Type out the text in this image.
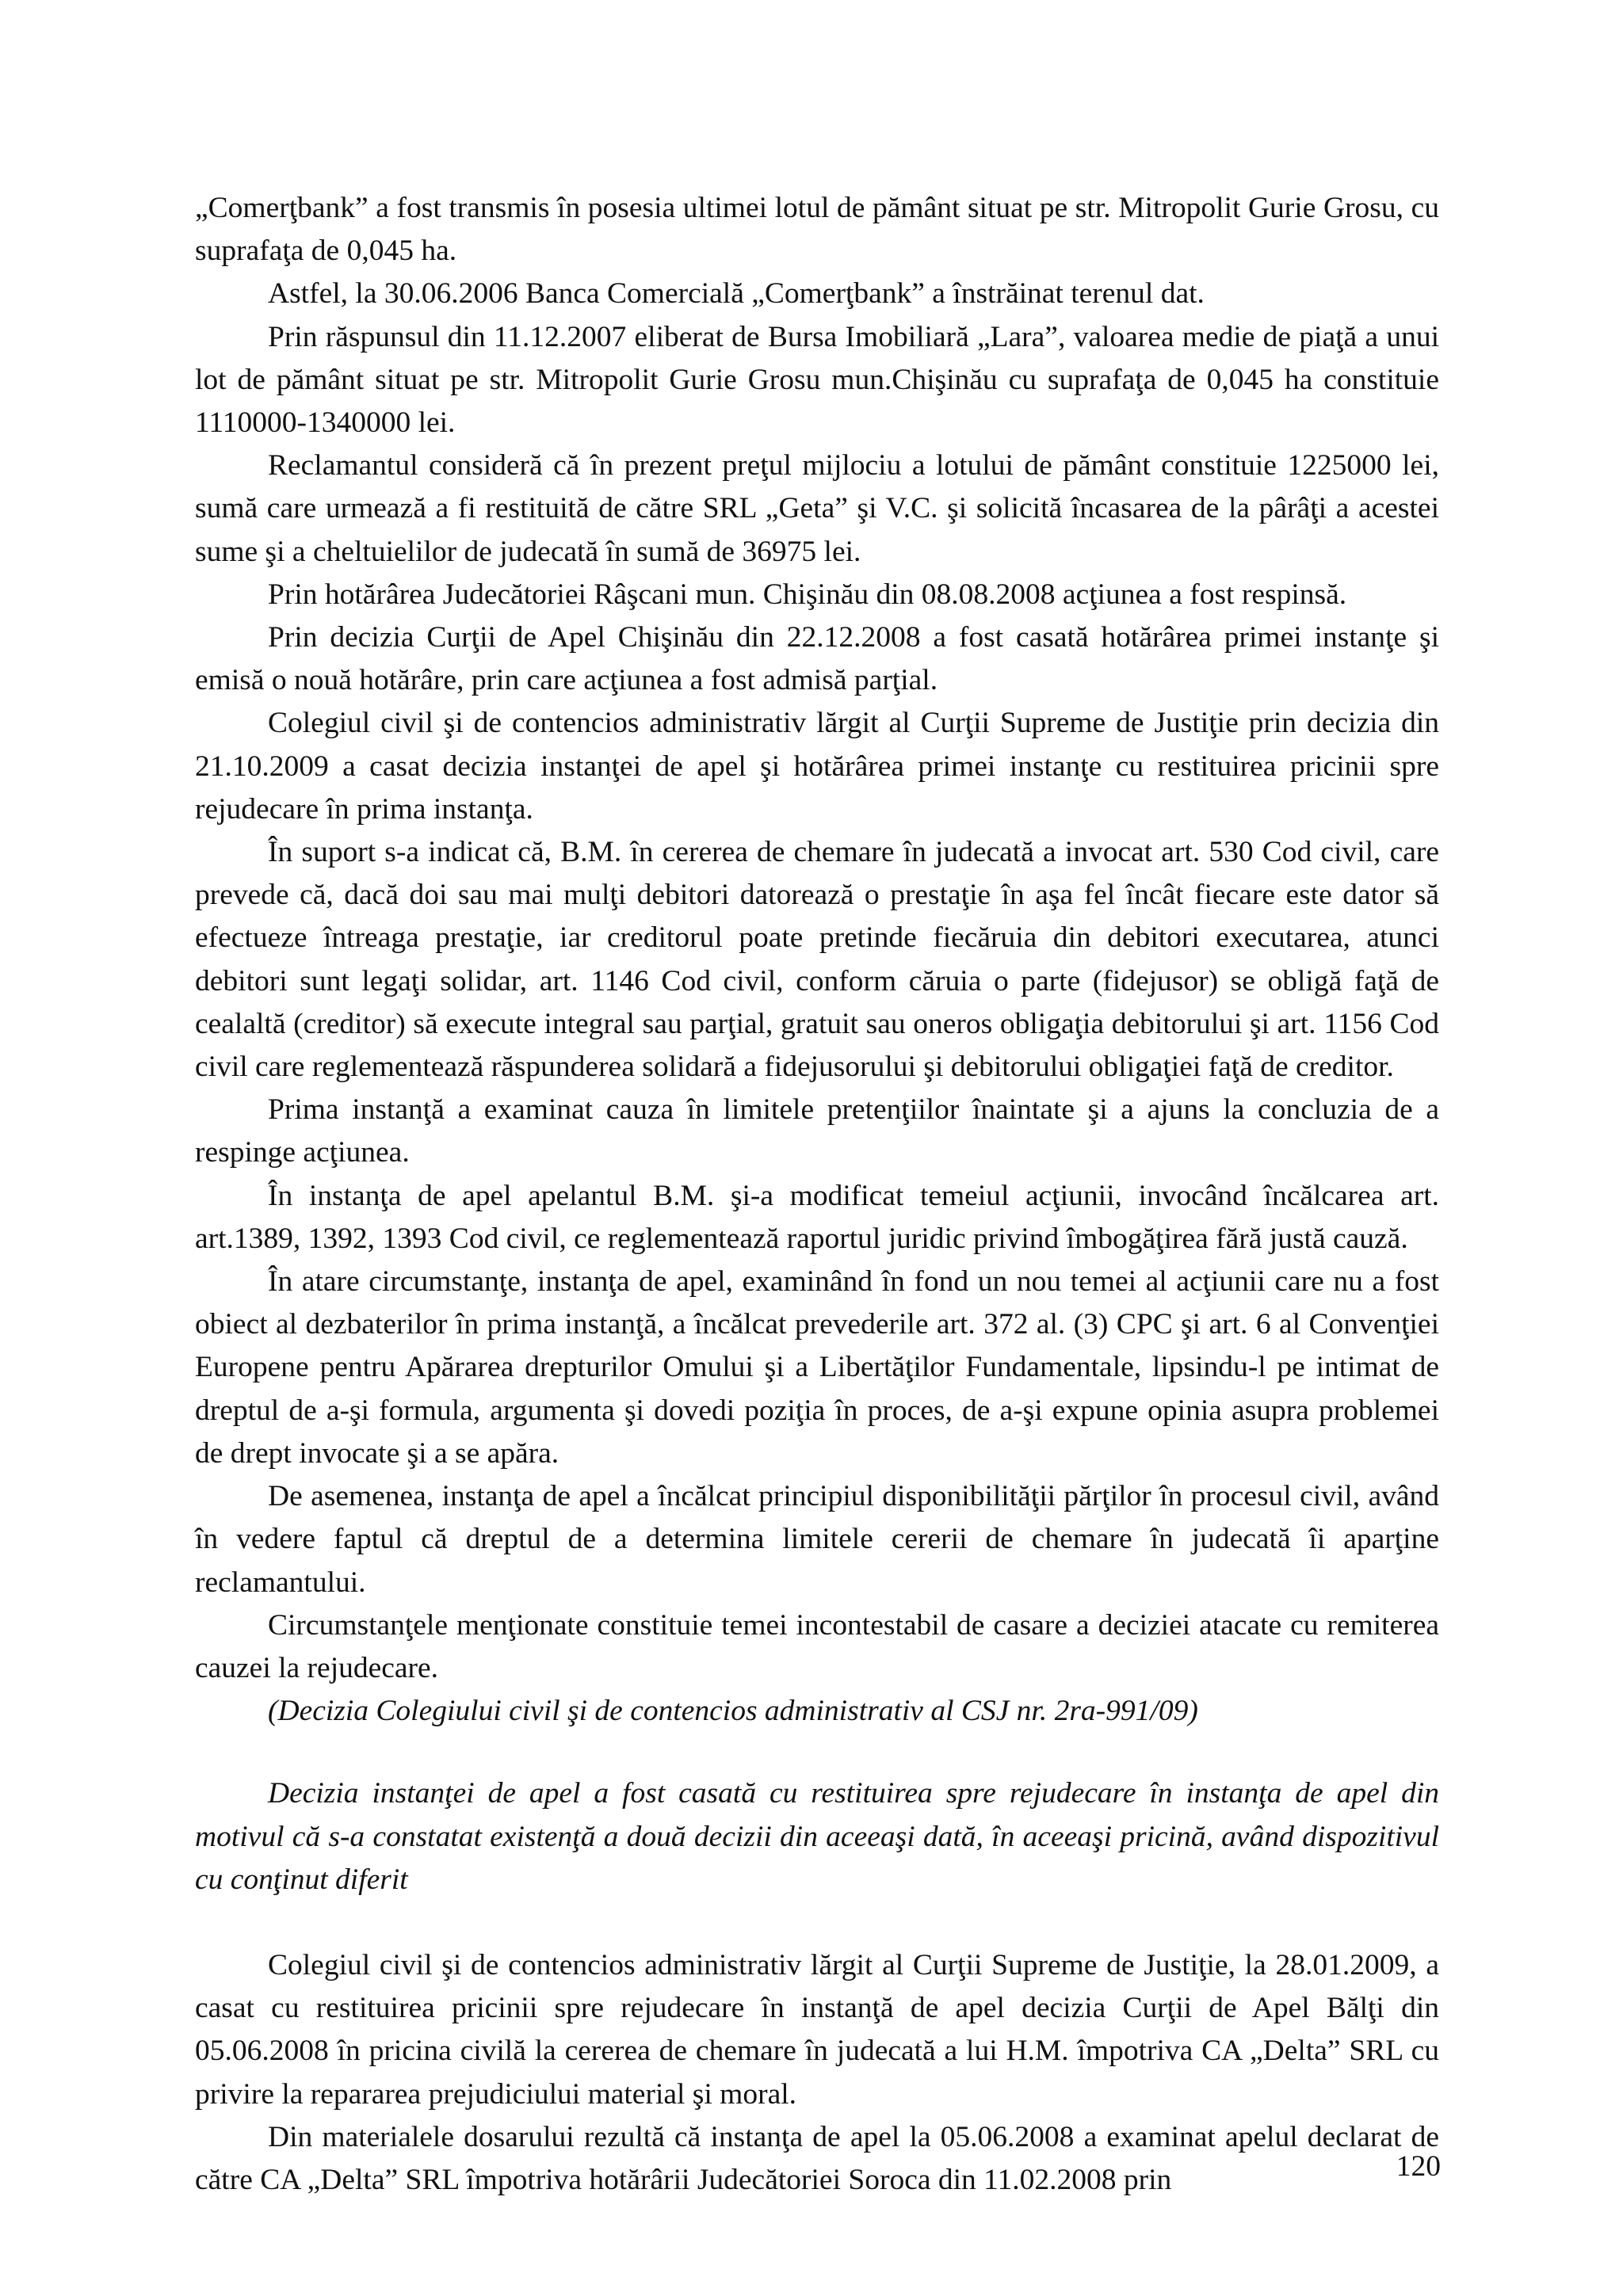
„Comerţbank” a fost transmis în posesia ultimei lotul de pământ situat pe str. Mitropolit Gurie Grosu, cu suprafaţa de 0,045 ha.

Astfel, la 30.06.2006 Banca Comercială „Comerţbank” a înstrăinat terenul dat.

Prin răspunsul din 11.12.2007 eliberat de Bursa Imobiliară „Lara”, valoarea medie de piaţă a unui lot de pământ situat pe str. Mitropolit Gurie Grosu mun.Chişinău cu suprafaţa de 0,045 ha constituie 1110000-1340000 lei.

Reclamantul consideră că în prezent preţul mijlociu a lotului de pământ constituie 1225000 lei, sumă care urmează a fi restituită de către SRL „Geta” şi V.C. şi solicită încasarea de la pârâţi a acestei sume şi a cheltuielilor de judecată în sumă de 36975 lei.

Prin hotărârea Judecătoriei Râşcani mun. Chişinău din 08.08.2008 acţiunea a fost respinsă.

Prin decizia Curţii de Apel Chişinău din 22.12.2008 a fost casată hotărârea primei instanţe şi emisă o nouă hotărâre, prin care acţiunea a fost admisă parţial.

Colegiul civil şi de contencios administrativ lărgit al Curţii Supreme de Justiţie prin decizia din 21.10.2009 a casat decizia instanţei de apel şi hotărârea primei instanţe cu restituirea pricinii spre rejudecare în prima instanţa.

În suport s-a indicat că, B.M. în cererea de chemare în judecată a invocat art. 530 Cod civil, care prevede că, dacă doi sau mai mulţi debitori datorează o prestaţie în aşa fel încât fiecare este dator să efectueze întreaga prestaţie, iar creditorul poate pretinde fiecăruia din debitori executarea, atunci debitori sunt legaţi solidar, art. 1146 Cod civil, conform căruia o parte (fidejusor) se obligă faţă de cealaltă (creditor) să execute integral sau parţial, gratuit sau oneros obligaţia debitorului şi art. 1156 Cod civil care reglementează răspunderea solidară a fidejusorului şi debitorului obligaţiei faţă de creditor.

Prima instanţă a examinat cauza în limitele pretenţiilor înaintate şi a ajuns la concluzia de a respinge acţiunea.

În instanţa de apel apelantul B.M. şi-a modificat temeiul acţiunii, invocând încălcarea art. art.1389, 1392, 1393 Cod civil, ce reglementează raportul juridic privind îmbogăţirea fără justă cauză.

În atare circumstanţe, instanţa de apel, examinând în fond un nou temei al acţiunii care nu a fost obiect al dezbaterilor în prima instanţă, a încălcat prevederile art. 372 al. (3) CPC şi art. 6 al Convenţiei Europene pentru Apărarea drepturilor Omului şi a Libertăţilor Fundamentale, lipsindu-l pe intimat de dreptul de a-şi formula, argumenta şi dovedi poziţia în proces, de a-şi expune opinia asupra problemei de drept invocate şi a se apăra.

De asemenea, instanţa de apel a încălcat principiul disponibilităţii părţilor în procesul civil, având în vedere faptul că dreptul de a determina limitele cererii de chemare în judecată îi aparţine reclamantului.

Circumstanţele menţionate constituie temei incontestabil de casare a deciziei atacate cu remiterea cauzei la rejudecare.

(Decizia Colegiului civil şi de contencios administrativ al CSJ nr. 2ra-991/09)

Decizia instanţei de apel a fost casată cu restituirea spre rejudecare în instanţa de apel din motivul că s-a constatat existenţă a două decizii din aceeaşi dată, în aceeaşi pricină, având dispozitivul cu conţinut diferit

Colegiul civil şi de contencios administrativ lărgit al Curţii Supreme de Justiţie, la 28.01.2009, a casat cu restituirea pricinii spre rejudecare în instanţă de apel decizia Curţii de Apel Bălţi din 05.06.2008 în pricina civilă la cererea de chemare în judecată a lui H.M. împotriva CA „Delta” SRL cu privire la repararea prejudiciului material şi moral.

Din materialele dosarului rezultă că instanţa de apel la 05.06.2008 a examinat apelul declarat de către CA „Delta” SRL împotriva hotărârii Judecătoriei Soroca din 11.02.2008 prin	120
